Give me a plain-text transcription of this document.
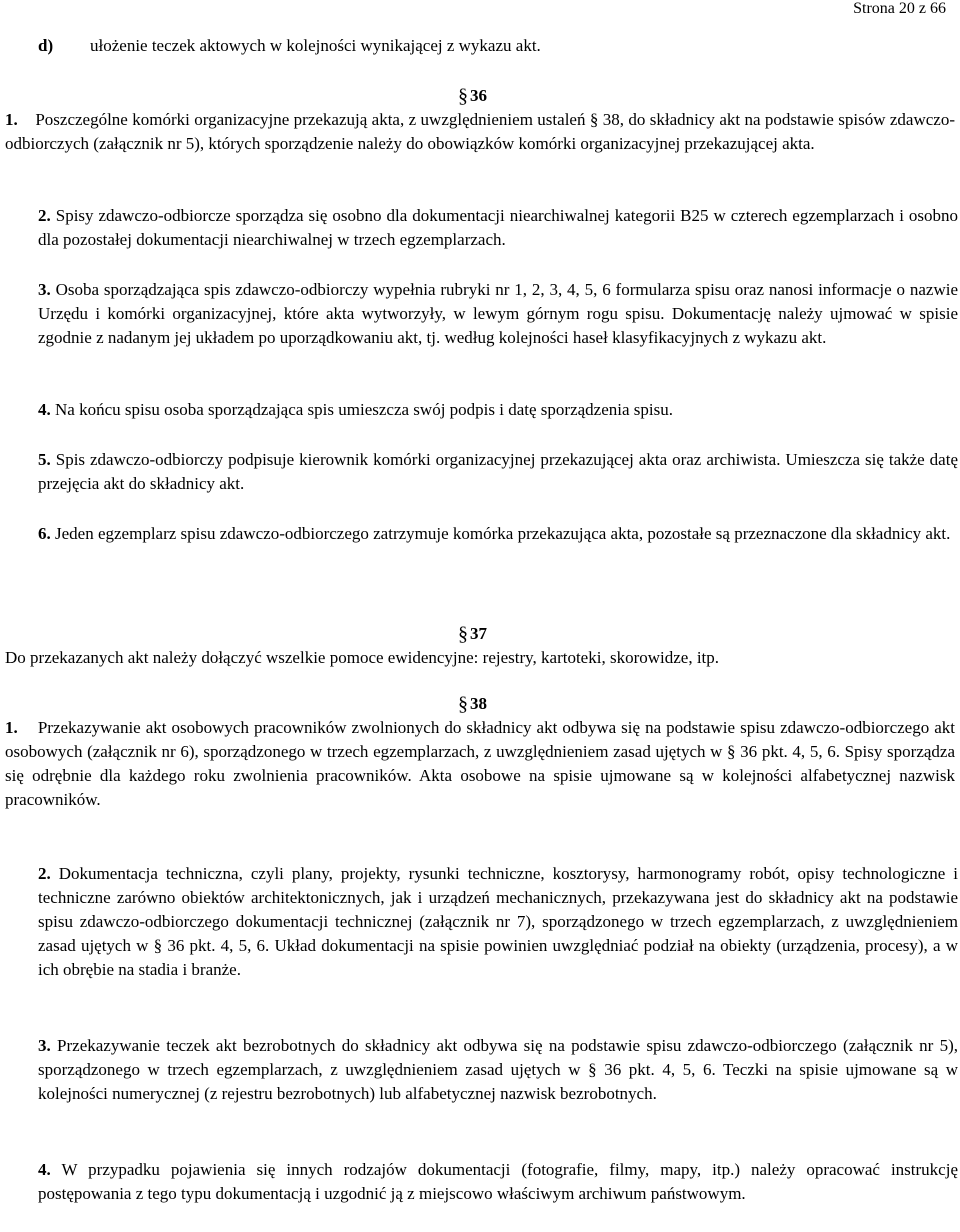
Strona 20 z 66
d) ułożenie teczek aktowych w kolejności wynikającej z wykazu akt.
§ 36
1. Poszczególne komórki organizacyjne przekazują akta, z uwzględnieniem ustaleń § 38, do składnicy akt na podstawie spisów zdawczo-odbiorczych (załącznik nr 5), których sporządzenie należy do obowiązków komórki organizacyjnej przekazującej akta.
2. Spisy zdawczo-odbiorcze sporządza się osobno dla dokumentacji niearchiwalnej kategorii B25 w czterech egzemplarzach i osobno dla pozostałej dokumentacji niearchiwalnej w trzech egzemplarzach.
3. Osoba sporządzająca spis zdawczo-odbiorczy wypełnia rubryki nr 1, 2, 3, 4, 5, 6 formularza spisu oraz nanosi informacje o nazwie Urzędu i komórki organizacyjnej, które akta wytworzyły, w lewym górnym rogu spisu. Dokumentację należy ujmować w spisie zgodnie z nadanym jej układem po uporządkowaniu akt, tj. według kolejności haseł klasyfikacyjnych z wykazu akt.
4. Na końcu spisu osoba sporządzająca spis umieszcza swój podpis i datę sporządzenia spisu.
5. Spis zdawczo-odbiorczy podpisuje kierownik komórki organizacyjnej przekazującej akta oraz archiwista. Umieszcza się także datę przejęcia akt do składnicy akt.
6. Jeden egzemplarz spisu zdawczo-odbiorczego zatrzymuje komórka przekazująca akta, pozostałe są przeznaczone dla składnicy akt.
§ 37
Do przekazanych akt należy dołączyć wszelkie pomoce ewidencyjne: rejestry, kartoteki, skorowidze, itp.
§ 38
1. Przekazywanie akt osobowych pracowników zwolnionych do składnicy akt odbywa się na podstawie spisu zdawczo-odbiorczego akt osobowych (załącznik nr 6), sporządzonego w trzech egzemplarzach, z uwzględnieniem zasad ujętych w § 36 pkt. 4, 5, 6. Spisy sporządza się odrębnie dla każdego roku zwolnienia pracowników. Akta osobowe na spisie ujmowane są w kolejności alfabetycznej nazwisk pracowników.
2. Dokumentacja techniczna, czyli plany, projekty, rysunki techniczne, kosztorysy, harmonogramy robót, opisy technologiczne i techniczne zarówno obiektów architektonicznych, jak i urządzeń mechanicznych, przekazywana jest do składnicy akt na podstawie spisu zdawczo-odbiorczego dokumentacji technicznej (załącznik nr 7), sporządzonego w trzech egzemplarzach, z uwzględnieniem zasad ujętych w § 36 pkt. 4, 5, 6. Układ dokumentacji na spisie powinien uwzględniać podział na obiekty (urządzenia, procesy), a w ich obrębie na stadia i branże.
3. Przekazywanie teczek akt bezrobotnych do składnicy akt odbywa się na podstawie spisu zdawczo-odbiorczego (załącznik nr 5), sporządzonego w trzech egzemplarzach, z uwzględnieniem zasad ujętych w § 36 pkt. 4, 5, 6. Teczki na spisie ujmowane są w kolejności numerycznej (z rejestru bezrobotnych) lub alfabetycznej nazwisk bezrobotnych.
4. W przypadku pojawienia się innych rodzajów dokumentacji (fotografie, filmy, mapy, itp.) należy opracować instrukcję postępowania z tego typu dokumentacją i uzgodnić ją z miejscowo właściwym archiwum państwowym.
